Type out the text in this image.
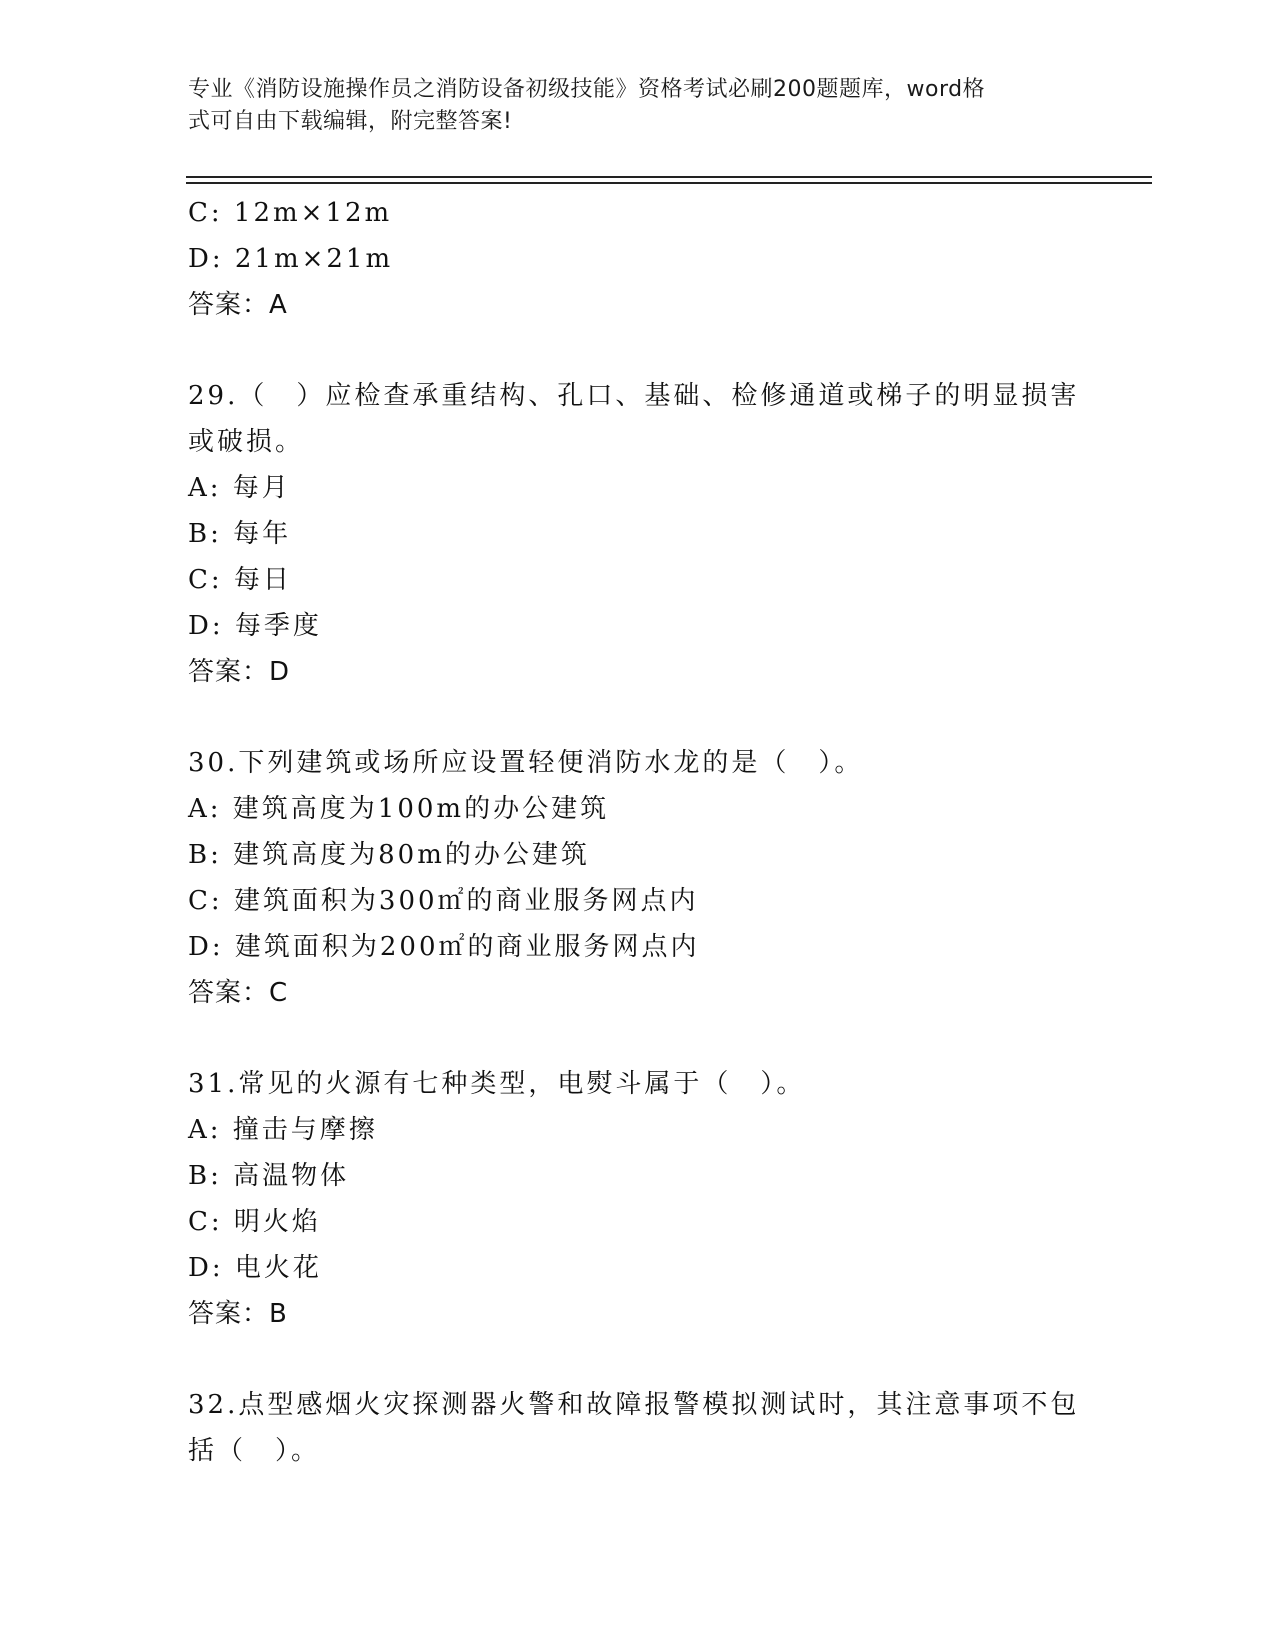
专业《消防设施操作员之消防设备初级技能》资格考试必刷200题题库，word格
式可自由下载编辑，附完整答案!
C: 12m×12m
D: 21m×21m
答案：A
29.（　）应检查承重结构、孔口、基础、检修通道或梯子的明显损害
或破损。
A: 每月
B: 每年
C: 每日
D: 每季度
答案：D
30.下列建筑或场所应设置轻便消防水龙的是（　）。
A: 建筑高度为100m的办公建筑
B: 建筑高度为80m的办公建筑
C: 建筑面积为300㎡的商业服务网点内
D: 建筑面积为200㎡的商业服务网点内
答案：C
31.常见的火源有七种类型，电熨斗属于（　）。
A: 撞击与摩擦
B: 高温物体
C: 明火焰
D: 电火花
答案：B
32.点型感烟火灾探测器火警和故障报警模拟测试时，其注意事项不包
括（　）。
